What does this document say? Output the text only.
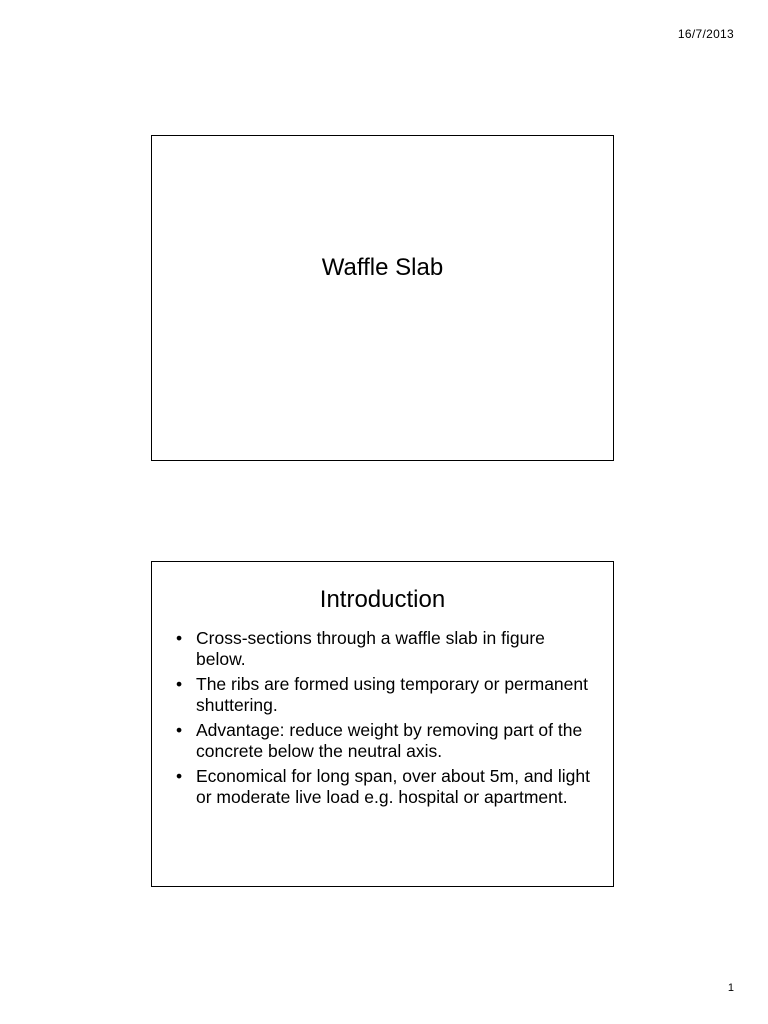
16/7/2013
Waffle Slab
Introduction
• Cross-sections through a waffle slab in figure below.
• The ribs are formed using temporary or permanent shuttering.
• Advantage: reduce weight by removing part of the concrete below the neutral axis.
• Economical for long span, over about 5m, and light or moderate live load e.g. hospital or apartment.
1
